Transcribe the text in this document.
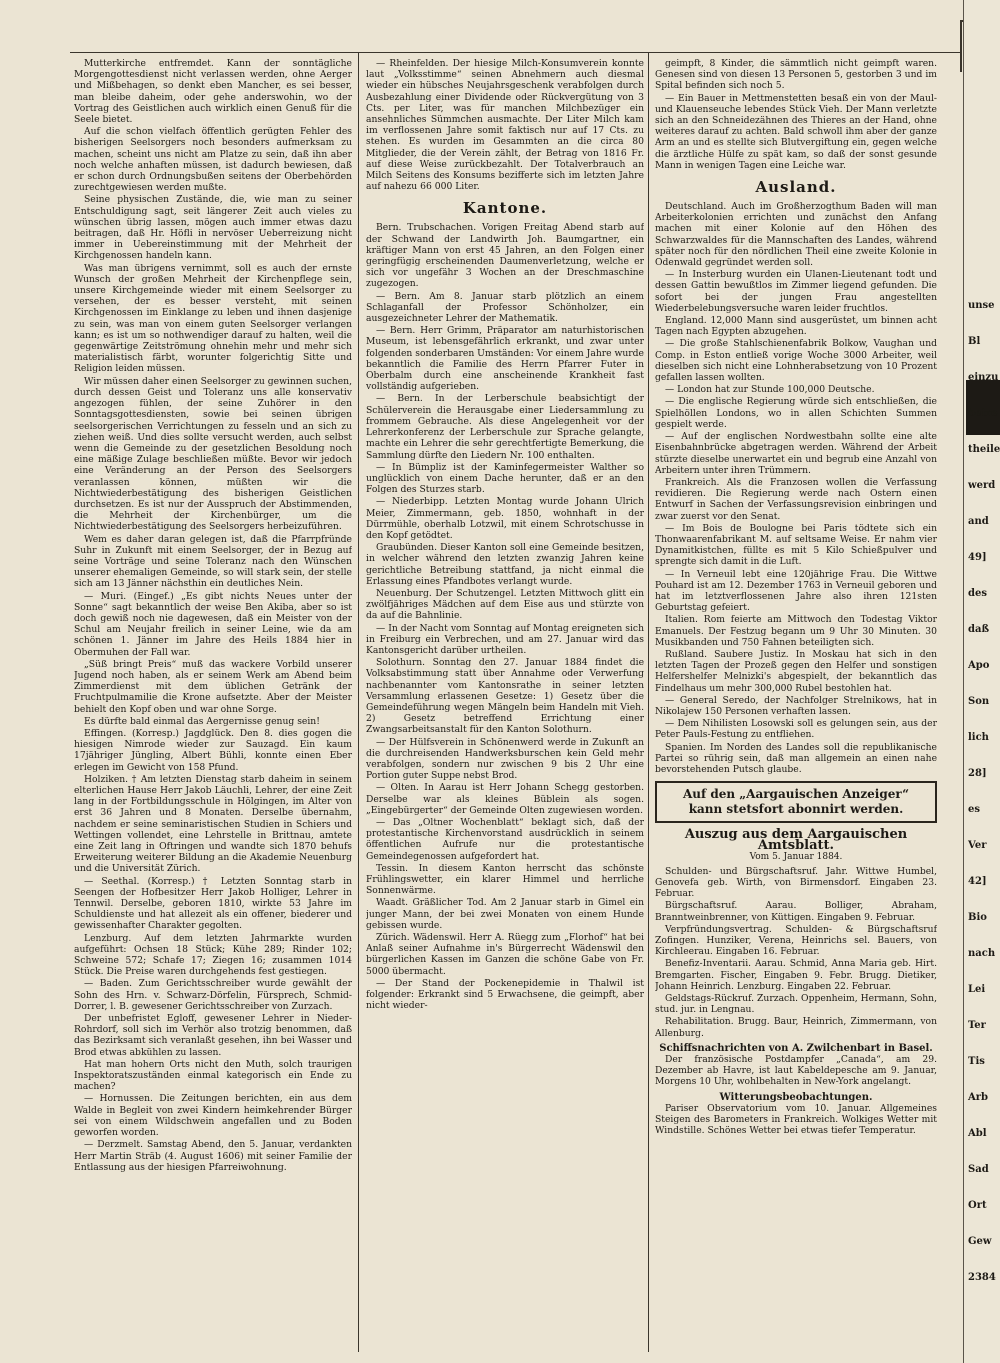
Mutterkirche entfremdet. Kann der sonntägliche Morgengottesdienst nicht verlassen werden, ohne Aerger und Mißbehagen, so denkt eben Mancher, es sei besser, man bleibe daheim, oder gehe anderswohin, wo der Vortrag des Geistlichen auch wirklich einen Genuß für die Seele bietet.

Auf die schon vielfach öffentlich gerügten Fehler des bisherigen Seelsorgers noch besonders aufmerksam zu machen, scheint uns nicht am Platze zu sein, daß ihn aber noch welche anhaften müssen, ist dadurch bewiesen, daß er schon durch Ordnungsbußen seitens der Oberbehörden zurechtgewiesen werden mußte.

Seine physischen Zustände, die, wie man zu seiner Entschuldigung sagt, seit längerer Zeit auch vieles zu wünschen übrig lassen, mögen auch immer etwas dazu beitragen, daß Hr. Höfli in nervöser Ueberreizung nicht immer in Uebereinstimmung mit der Mehrheit der Kirchgenossen handeln kann.

Was man übrigens vernimmt, soll es auch der ernste Wunsch der großen Mehrheit der Kirchenpflege sein, unsere Kirchgemeinde wieder mit einem Seelsorger zu versehen, der es besser versteht, mit seinen Kirchgenossen im Einklange zu leben und ihnen dasjenige zu sein, was man von einem guten Seelsorger verlangen kann; es ist um so nothwendiger darauf zu halten, weil die gegenwärtige Zeitströmung ohnehin mehr und mehr sich materialistisch färbt, worunter folgerichtig Sitte und Religion leiden müssen.

Wir müssen daher einen Seelsorger zu gewinnen suchen, durch dessen Geist und Toleranz uns alle konservativ angezogen fühlen, der seine Zuhörer in den Sonntagsgottesdiensten, sowie bei seinen übrigen seelsorgerischen Verrichtungen zu fesseln und an sich zu ziehen weiß. Und dies sollte versucht werden, auch selbst wenn die Gemeinde zu der gesetzlichen Besoldung noch eine mäßige Zulage beschließen müßte. Bevor wir jedoch eine Veränderung an der Person des Seelsorgers veranlassen können, müßten wir die Nichtwiederbestätigung des bisherigen Geistlichen durchsetzen. Es ist nur der Ausspruch der Abstimmenden, die Mehrheit der Kirchenbürger, um die Nichtwiederbestätigung des Seelsorgers herbeizuführen.

Wem es daher daran gelegen ist, daß die Pfarrpfründe Suhr in Zukunft mit einem Seelsorger, der in Bezug auf seine Vorträge und seine Toleranz nach den Wünschen unserer ehemaligen Gemeinde, so will stark sein, der stelle sich am 13 Jänner nächsthin ein deutliches Nein.

— Muri. (Eingef.) „Es gibt nichts Neues unter der Sonne“ sagt bekanntlich der weise Ben Akiba, aber so ist doch gewiß noch nie dagewesen, daß ein Meister von der Schul am Neujahr freilich in seiner Leine, wie da am schönen 1. Jänner im Jahre des Heils 1884 hier in Obermuhen der Fall war.

„Süß bringt Preis“ muß das wackere Vorbild unserer Jugend noch haben, als er seinem Werk am Abend beim Zimmerdienst mit dem üblichen Getränk der Fruchtpulmamilie die Krone aufsetzte. Aber der Meister behielt den Kopf oben und war ohne Sorge.

Es dürfte bald einmal das Aergernisse genug sein!

Effingen. (Korresp.) Jagdglück. Den 8. dies gogen die hiesigen Nimrode wieder zur Sauzagd. Ein kaum 17jähriger Jüngling, Albert Bühli, konnte einen Eber erlegen im Gewicht von 158 Pfund.

Holziken. † Am letzten Dienstag starb daheim in seinem elterlichen Hause Herr Jakob Läuchli, Lehrer, der eine Zeit lang in der Fortbildungsschule in Hölgingen, im Alter von erst 36 Jahren und 8 Monaten. Derselbe übernahm, nachdem er seine seminaristischen Studien in Schiers und Wettingen vollendet, eine Lehrstelle in Brittnau, amtete eine Zeit lang in Oftringen und wandte sich 1870 behufs Erweiterung weiterer Bildung an die Akademie Neuenburg und die Universität Zürich.

— Seethal. (Korresp.) † Letzten Sonntag starb in Seengen der Hofbesitzer Herr Jakob Holliger, Lehrer in Tennwil. Derselbe, geboren 1810, wirkte 53 Jahre im Schuldienste und hat allezeit als ein offener, biederer und gewissenhafter Charakter gegolten.

Lenzburg. Auf dem letzten Jahrmarkte wurden aufgeführt: Ochsen 18 Stück; Kühe 289; Rinder 102; Schweine 572; Schafe 17; Ziegen 16; zusammen 1014 Stück. Die Preise waren durchgehends fest gestiegen.

— Baden. Zum Gerichtsschreiber wurde gewählt der Sohn des Hrn. v. Schwarz-Dörfelin, Fürsprech, Schmid-Dorrer, l. B. gewesener Gerichtsschreiber von Zurzach.

Der unbefristet Egloff, gewesener Lehrer in Nieder-Rohrdorf, soll sich im Verhör also trotzig benommen, daß das Bezirksamt sich veranlaßt gesehen, ihn bei Wasser und Brod etwas abkühlen zu lassen.

Hat man hohern Orts nicht den Muth, solch traurigen Inspektoratszuständen einmal kategorisch ein Ende zu machen?

— Hornussen. Die Zeitungen berichten, ein aus dem Walde in Begleit von zwei Kindern heimkehrender Bürger sei von einem Wildschwein angefallen und zu Boden geworfen worden.

— Derzmelt. Samstag Abend, den 5. Januar, verdankten Herr Martin Sträb (4. August 1606) mit seiner Familie der Entlassung aus der hiesigen Pfarreiwohnung.

— Rheinfelden. Der hiesige Milch-Konsumverein konnte laut „Volksstimme“ seinen Abnehmern auch diesmal wieder ein hübsches Neujahrsgeschenk verabfolgen durch Ausbezahlung einer Dividende oder Rückvergütung von 3 Cts. per Liter, was für manchen Milchbezüger ein ansehnliches Sümmchen ausmachte. Der Liter Milch kam im verflossenen Jahre somit faktisch nur auf 17 Cts. zu stehen. Es wurden im Gesammten an die circa 80 Mitglieder, die der Verein zählt, der Betrag von 1816 Fr. auf diese Weise zurückbezahlt. Der Totalverbrauch an Milch Seitens des Konsums bezifferte sich im letzten Jahre auf nahezu 66 000 Liter.

Kantone.

Bern. Trubschachen. Vorigen Freitag Abend starb auf der Schwand der Landwirth Joh. Baumgartner, ein kräftiger Mann von erst 45 Jahren, an den Folgen einer geringfügig erscheinenden Daumenverletzung, welche er sich vor ungefähr 3 Wochen an der Dreschmaschine zugezogen.

— Bern. Am 8. Januar starb plötzlich an einem Schlaganfall der Professor Schönholzer, ein ausgezeichneter Lehrer der Mathematik.

— Bern. Herr Grimm, Präparator am naturhistorischen Museum, ist lebensgefährlich erkrankt, und zwar unter folgenden sonderbaren Umständen: Vor einem Jahre wurde bekanntlich die Familie des Herrn Pfarrer Futer in Oberbalm durch eine anscheinende Krankheit fast vollständig aufgerieben.

— Bern. In der Lerberschule beabsichtigt der Schülerverein die Herausgabe einer Liedersammlung zu frommem Gebrauche. Als diese Angelegenheit vor der Lehrerkonferenz der Lerberschule zur Sprache gelangte, machte ein Lehrer die sehr gerechtfertigte Bemerkung, die Sammlung dürfte den Liedern Nr. 100 enthalten.

— In Bümpliz ist der Kaminfegermeister Walther so unglücklich von einem Dache herunter, daß er an den Folgen des Sturzes starb.

— Niederbipp. Letzten Montag wurde Johann Ulrich Meier, Zimmermann, geb. 1850, wohnhaft in der Dürrmühle, oberhalb Lotzwil, mit einem Schrotschusse in den Kopf getödtet.

Graubünden. Dieser Kanton soll eine Gemeinde besitzen, in welcher während den letzten zwanzig Jahren keine gerichtliche Betreibung stattfand, ja nicht einmal die Erlassung eines Pfandbotes verlangt wurde.

Neuenburg. Der Schutzengel. Letzten Mittwoch glitt ein zwölfjähriges Mädchen auf dem Eise aus und stürzte von da auf die Bahnlinie.

— In der Nacht vom Sonntag auf Montag ereigneten sich in Freiburg ein Verbrechen, und am 27. Januar wird das Kantonsgericht darüber urtheilen.

Solothurn. Sonntag den 27. Januar 1884 findet die Volksabstimmung statt über Annahme oder Verwerfung nachbenannter vom Kantonsrathe in seiner letzten Versammlung erlassenen Gesetze: 1) Gesetz über die Gemeindeführung wegen Mängeln beim Handeln mit Vieh. 2) Gesetz betreffend Errichtung einer Zwangsarbeitsanstalt für den Kanton Solothurn.

— Der Hülfsverein in Schönenwerd werde in Zukunft an die durchreisenden Handwerksburschen kein Geld mehr verabfolgen, sondern nur zwischen 9 bis 2 Uhr eine Portion guter Suppe nebst Brod.

— Olten. In Aarau ist Herr Johann Schegg gestorben. Derselbe war als kleines Büblein als sogen. „Eingebürgerter“ der Gemeinde Olten zugewiesen worden.

— Das „Oltner Wochenblatt“ beklagt sich, daß der protestantische Kirchenvorstand ausdrücklich in seinem öffentlichen Aufrufe nur die protestantische Gemeindegenossen aufgefordert hat.

Tessin. In diesem Kanton herrscht das schönste Frühlingswetter, ein klarer Himmel und herrliche Sonnenwärme.

Waadt. Gräßlicher Tod. Am 2 Januar starb in Gimel ein junger Mann, der bei zwei Monaten von einem Hunde gebissen wurde.

Zürich. Wädenswil. Herr A. Rüegg zum „Florhof“ hat bei Anlaß seiner Aufnahme in's Bürgerrecht Wädenswil den bürgerlichen Kassen im Ganzen die schöne Gabe von Fr. 5000 übermacht.

— Der Stand der Pockenepidemie in Thalwil ist folgender: Erkrankt sind 5 Erwachsene, die geimpft, aber nicht wieder-

geimpft, 8 Kinder, die sämmtlich nicht geimpft waren. Genesen sind von diesen 13 Personen 5, gestorben 3 und im Spital befinden sich noch 5.

— Ein Bauer in Mettmenstetten besaß ein von der Maul- und Klauenseuche lebendes Stück Vieh. Der Mann verletzte sich an den Schneidezähnen des Thieres an der Hand, ohne weiteres darauf zu achten. Bald schwoll ihm aber der ganze Arm an und es stellte sich Blutvergiftung ein, gegen welche die ärztliche Hülfe zu spät kam, so daß der sonst gesunde Mann in wenigen Tagen eine Leiche war.

Ausland.

Deutschland. Auch im Großherzogthum Baden will man Arbeiterkolonien errichten und zunächst den Anfang machen mit einer Kolonie auf den Höhen des Schwarzwaldes für die Mannschaften des Landes, während später noch für den nördlichen Theil eine zweite Kolonie in Odenwald gegründet werden soll.

— In Insterburg wurden ein Ulanen-Lieutenant todt und dessen Gattin bewußtlos im Zimmer liegend gefunden. Die sofort bei der jungen Frau angestellten Wiederbelebungsversuche waren leider fruchtlos.

England. 12,000 Mann sind ausgerüstet, um binnen acht Tagen nach Egypten abzugehen.

— Die große Stahlschienenfabrik Bolkow, Vaughan und Comp. in Eston entließ vorige Woche 3000 Arbeiter, weil dieselben sich nicht eine Lohnherabsetzung von 10 Prozent gefallen lassen wollten.

— London hat zur Stunde 100,000 Deutsche.

— Die englische Regierung würde sich entschließen, die Spielhöllen Londons, wo in allen Schichten Summen gespielt werde.

— Auf der englischen Nordwestbahn sollte eine alte Eisenbahnbrücke abgetragen werden. Während der Arbeit stürzte dieselbe unerwartet ein und begrub eine Anzahl von Arbeitern unter ihren Trümmern.

Frankreich. Als die Franzosen wollen die Verfassung revidieren. Die Regierung werde nach Ostern einen Entwurf in Sachen der Verfassungsrevision einbringen und zwar zuerst vor den Senat.

— Im Bois de Boulogne bei Paris tödtete sich ein Thonwaarenfabrikant M. auf seltsame Weise. Er nahm vier Dynamitkistchen, füllte es mit 5 Kilo Schießpulver und sprengte sich damit in die Luft.

— In Verneuil lebt eine 120jährige Frau. Die Wittwe Pouhard ist am 12. Dezember 1763 in Verneuil geboren und hat im letztverflossenen Jahre also ihren 121sten Geburtstag gefeiert.

Italien. Rom feierte am Mittwoch den Todestag Viktor Emanuels. Der Festzug begann um 9 Uhr 30 Minuten. 30 Musikbanden und 750 Fahnen beteiligten sich.

Rußland. Saubere Justiz. In Moskau hat sich in den letzten Tagen der Prozeß gegen den Helfer und sonstigen Helfershelfer Melnizki's abgespielt, der bekanntlich das Findelhaus um mehr 300,000 Rubel bestohlen hat.

— General Seredo, der Nachfolger Strelnikows, hat in Nikolajew 150 Personen verhaften lassen.

— Dem Nihilisten Losowski soll es gelungen sein, aus der Peter Pauls-Festung zu entfliehen.

Spanien. Im Norden des Landes soll die republikanische Partei so rührig sein, daß man allgemein an einen nahe bevorstehenden Putsch glaube.

Auf den „Aargauischen Anzeiger“
kann stetsfort abonnirt werden.
Auszug aus dem Aargauischen Amtsblatt.
Vom 5. Januar 1884.

Schulden- und Bürgschaftsruf. Jahr. Wittwe Humbel, Genovefa geb. Wirth, von Birmensdorf. Eingaben 23. Februar.

Bürgschaftsruf. Aarau. Bolliger, Abraham, Branntweinbrenner, von Küttigen. Eingaben 9. Februar.

Verpfründungsvertrag. Schulden- & Bürgschaftsruf Zofingen. Hunziker, Verena, Heinrichs sel. Bauers, von Kirchleerau. Eingaben 16. Februar.

Benefiz-Inventarii. Aarau. Schmid, Anna Maria geb. Hirt. Bremgarten. Fischer, Eingaben 9. Febr. Brugg. Dietiker, Johann Heinrich. Lenzburg. Eingaben 22. Februar.

Geldstags-Rückruf. Zurzach. Oppenheim, Hermann, Sohn, stud. jur. in Lengnau.

Rehabilitation. Brugg. Baur, Heinrich, Zimmermann, von Allenburg.

Schiffsnachrichten von A. Zwilchenbart in Basel.

Der französische Postdampfer „Canada“, am 29. Dezember ab Havre, ist laut Kabeldepesche am 9. Januar, Morgens 10 Uhr, wohlbehalten in New-York angelangt.

Witterungsbeobachtungen.

Pariser Observatorium vom 10. Januar. Allgemeines Steigen des Barometers in Frankreich. Wolkiges Wetter mit Windstille. Schönes Wetter bei etwas tiefer Temperatur.

unse
Bl
einzu
betre
theile
werd
and
49]
des
daß
Apo
Son
lich
28]
es
Ver
42]
Bio
nach
Lei
Ter
Tis
Arb
Abl
Sad
Ort
Gew
2384
